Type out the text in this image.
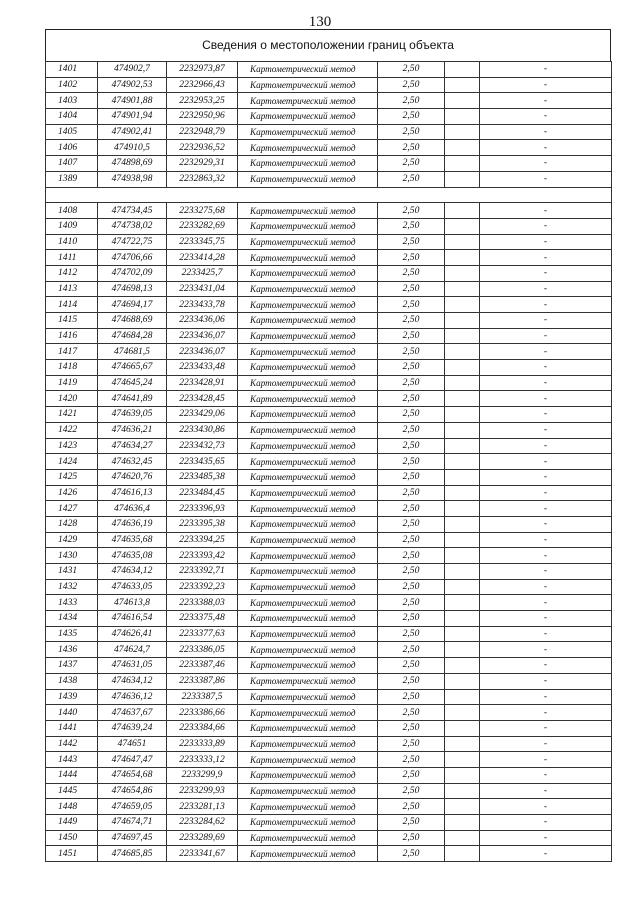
130
Сведения о местоположении границ объекта
1401	474902,7	2232973,87	Картометрический метод	2,50		-
1402	474902,53	2232966,43	Картометрический метод	2,50		-
1403	474901,88	2232953,25	Картометрический метод	2,50		-
1404	474901,94	2232950,96	Картометрический метод	2,50		-
1405	474902,41	2232948,79	Картометрический метод	2,50		-
1406	474910,5	2232936,52	Картометрический метод	2,50		-
1407	474898,69	2232929,31	Картометрический метод	2,50		-
1389	474938,98	2232863,32	Картометрический метод	2,50		-

1408	474734,45	2233275,68	Картометрический метод	2,50		-
1409	474738,02	2233282,69	Картометрический метод	2,50		-
1410	474722,75	2233345,75	Картометрический метод	2,50		-
1411	474706,66	2233414,28	Картометрический метод	2,50		-
1412	474702,09	2233425,7	Картометрический метод	2,50		-
1413	474698,13	2233431,04	Картометрический метод	2,50		-
1414	474694,17	2233433,78	Картометрический метод	2,50		-
1415	474688,69	2233436,06	Картометрический метод	2,50		-
1416	474684,28	2233436,07	Картометрический метод	2,50		-
1417	474681,5	2233436,07	Картометрический метод	2,50		-
1418	474665,67	2233433,48	Картометрический метод	2,50		-
1419	474645,24	2233428,91	Картометрический метод	2,50		-
1420	474641,89	2233428,45	Картометрический метод	2,50		-
1421	474639,05	2233429,06	Картометрический метод	2,50		-
1422	474636,21	2233430,86	Картометрический метод	2,50		-
1423	474634,27	2233432,73	Картометрический метод	2,50		-
1424	474632,45	2233435,65	Картометрический метод	2,50		-
1425	474620,76	2233485,38	Картометрический метод	2,50		-
1426	474616,13	2233484,45	Картометрический метод	2,50		-
1427	474636,4	2233396,93	Картометрический метод	2,50		-
1428	474636,19	2233395,38	Картометрический метод	2,50		-
1429	474635,68	2233394,25	Картометрический метод	2,50		-
1430	474635,08	2233393,42	Картометрический метод	2,50		-
1431	474634,12	2233392,71	Картометрический метод	2,50		-
1432	474633,05	2233392,23	Картометрический метод	2,50		-
1433	474613,8	2233388,03	Картометрический метод	2,50		-
1434	474616,54	2233375,48	Картометрический метод	2,50		-
1435	474626,41	2233377,63	Картометрический метод	2,50		-
1436	474624,7	2233386,05	Картометрический метод	2,50		-
1437	474631,05	2233387,46	Картометрический метод	2,50		-
1438	474634,12	2233387,86	Картометрический метод	2,50		-
1439	474636,12	2233387,5	Картометрический метод	2,50		-
1440	474637,67	2233386,66	Картометрический метод	2,50		-
1441	474639,24	2233384,66	Картометрический метод	2,50		-
1442	474651	2233333,89	Картометрический метод	2,50		-
1443	474647,47	2233333,12	Картометрический метод	2,50		-
1444	474654,68	2233299,9	Картометрический метод	2,50		-
1445	474654,86	2233299,93	Картометрический метод	2,50		-
1448	474659,05	2233281,13	Картометрический метод	2,50		-
1449	474674,71	2233284,62	Картометрический метод	2,50		-
1450	474697,45	2233289,69	Картометрический метод	2,50		-
1451	474685,85	2233341,67	Картометрический метод	2,50		-
